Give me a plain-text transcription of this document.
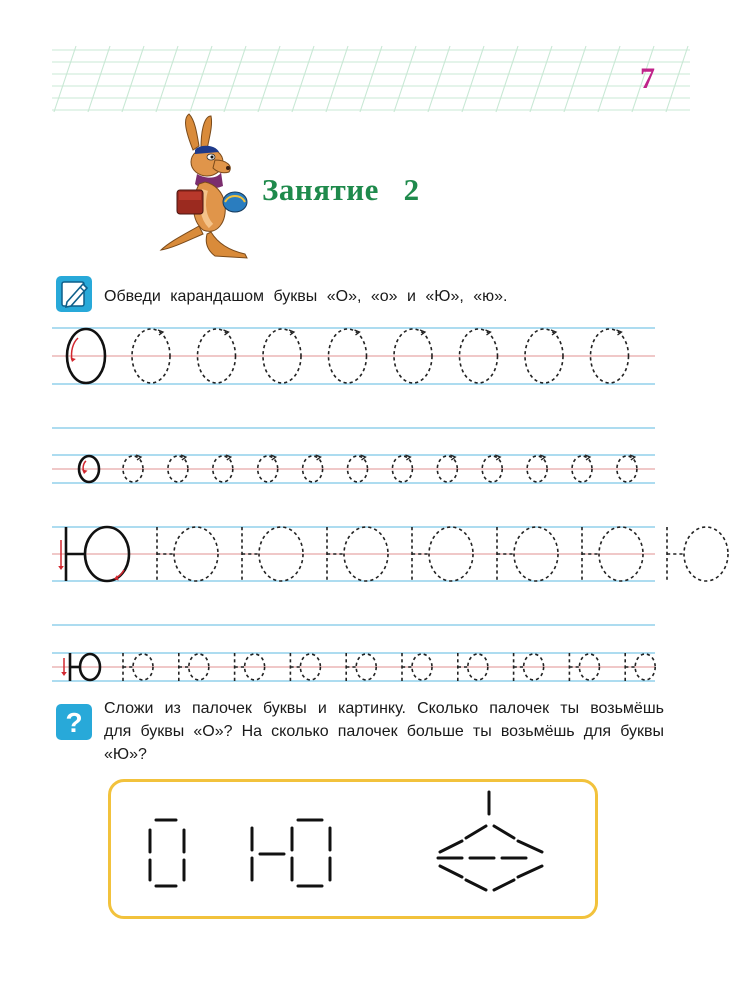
7
Занятие   2
Обведи карандашом буквы «О», «о» и «Ю», «ю».
?	Сложи из палочек буквы и картинку. Сколько палочек ты возьмёшь для буквы «О»? На сколько палочек больше ты возьмёшь для буквы «Ю»?
